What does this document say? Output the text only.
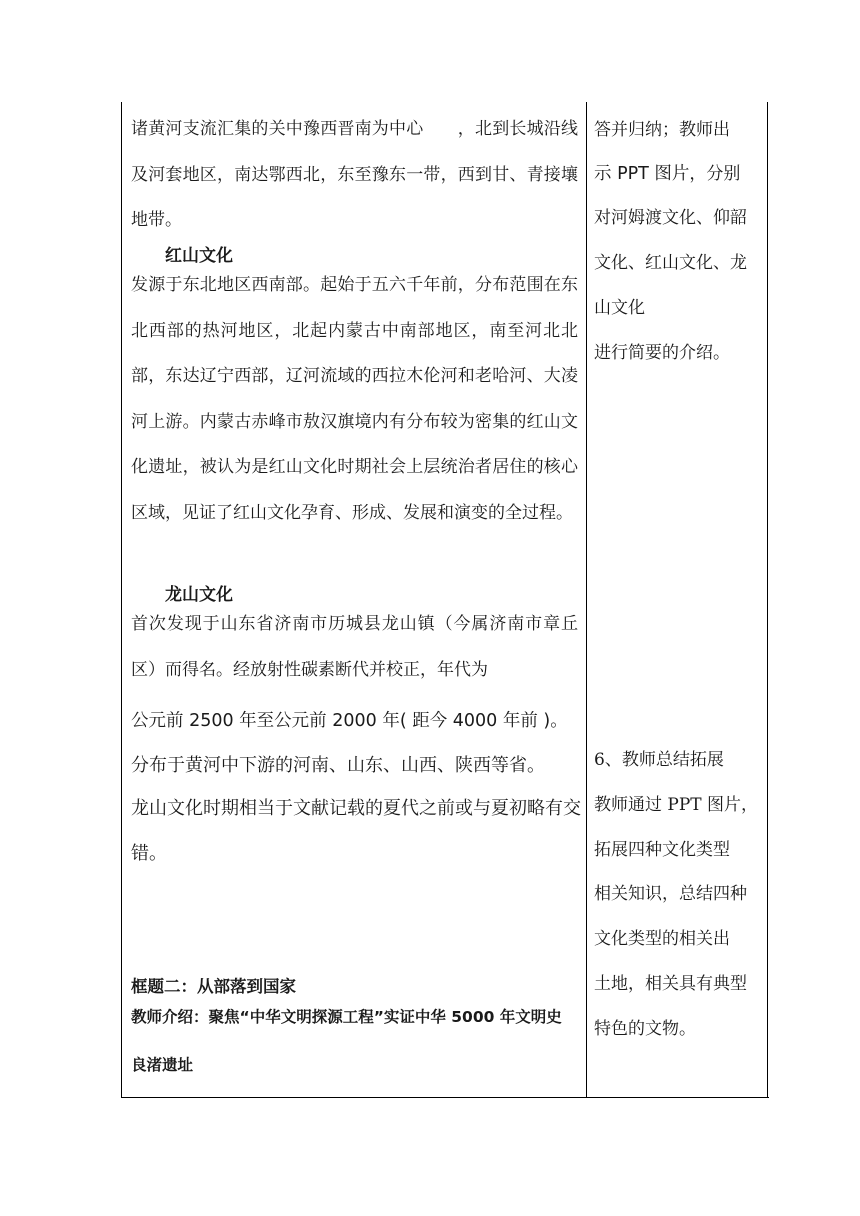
诸黄河支流汇集的关中豫西晋南为中心　　，北到长城沿线及河套地区，南达鄂西北，东至豫东一带，西到甘、青接壤地带。

红山文化

发源于东北地区西南部。起始于五六千年前，分布范围在东北西部的热河地区，北起内蒙古中南部地区，南至河北北部，东达辽宁西部，辽河流域的西拉木伦河和老哈河、大凌河上游。内蒙古赤峰市敖汉旗境内有分布较为密集的红山文化遗址，被认为是红山文化时期社会上层统治者居住的核心区域，见证了红山文化孕育、形成、发展和演变的全过程。

龙山文化

首次发现于山东省济南市历城县龙山镇（今属济南市章丘区）而得名。经放射性碳素断代并校正，年代为

公元前 2500 年至公元前 2000 年( 距今 4000 年前 )。

分布于黄河中下游的河南、山东、山西、陕西等省。

龙山文化时期相当于文献记载的夏代之前或与夏初略有交错。

框题二：从部落到国家

教师介绍：聚焦“中华文明探源工程”实证中华 5000 年文明史

良渚遗址

答并归纳；教师出

示 PPT 图片，分别

对河姆渡文化、仰韶

文化、红山文化、龙

山文化

进行简要的介绍。

6、教师总结拓展

教师通过 PPT 图片，

拓展四种文化类型

相关知识，总结四种

文化类型的相关出

土地，相关具有典型

特色的文物。
